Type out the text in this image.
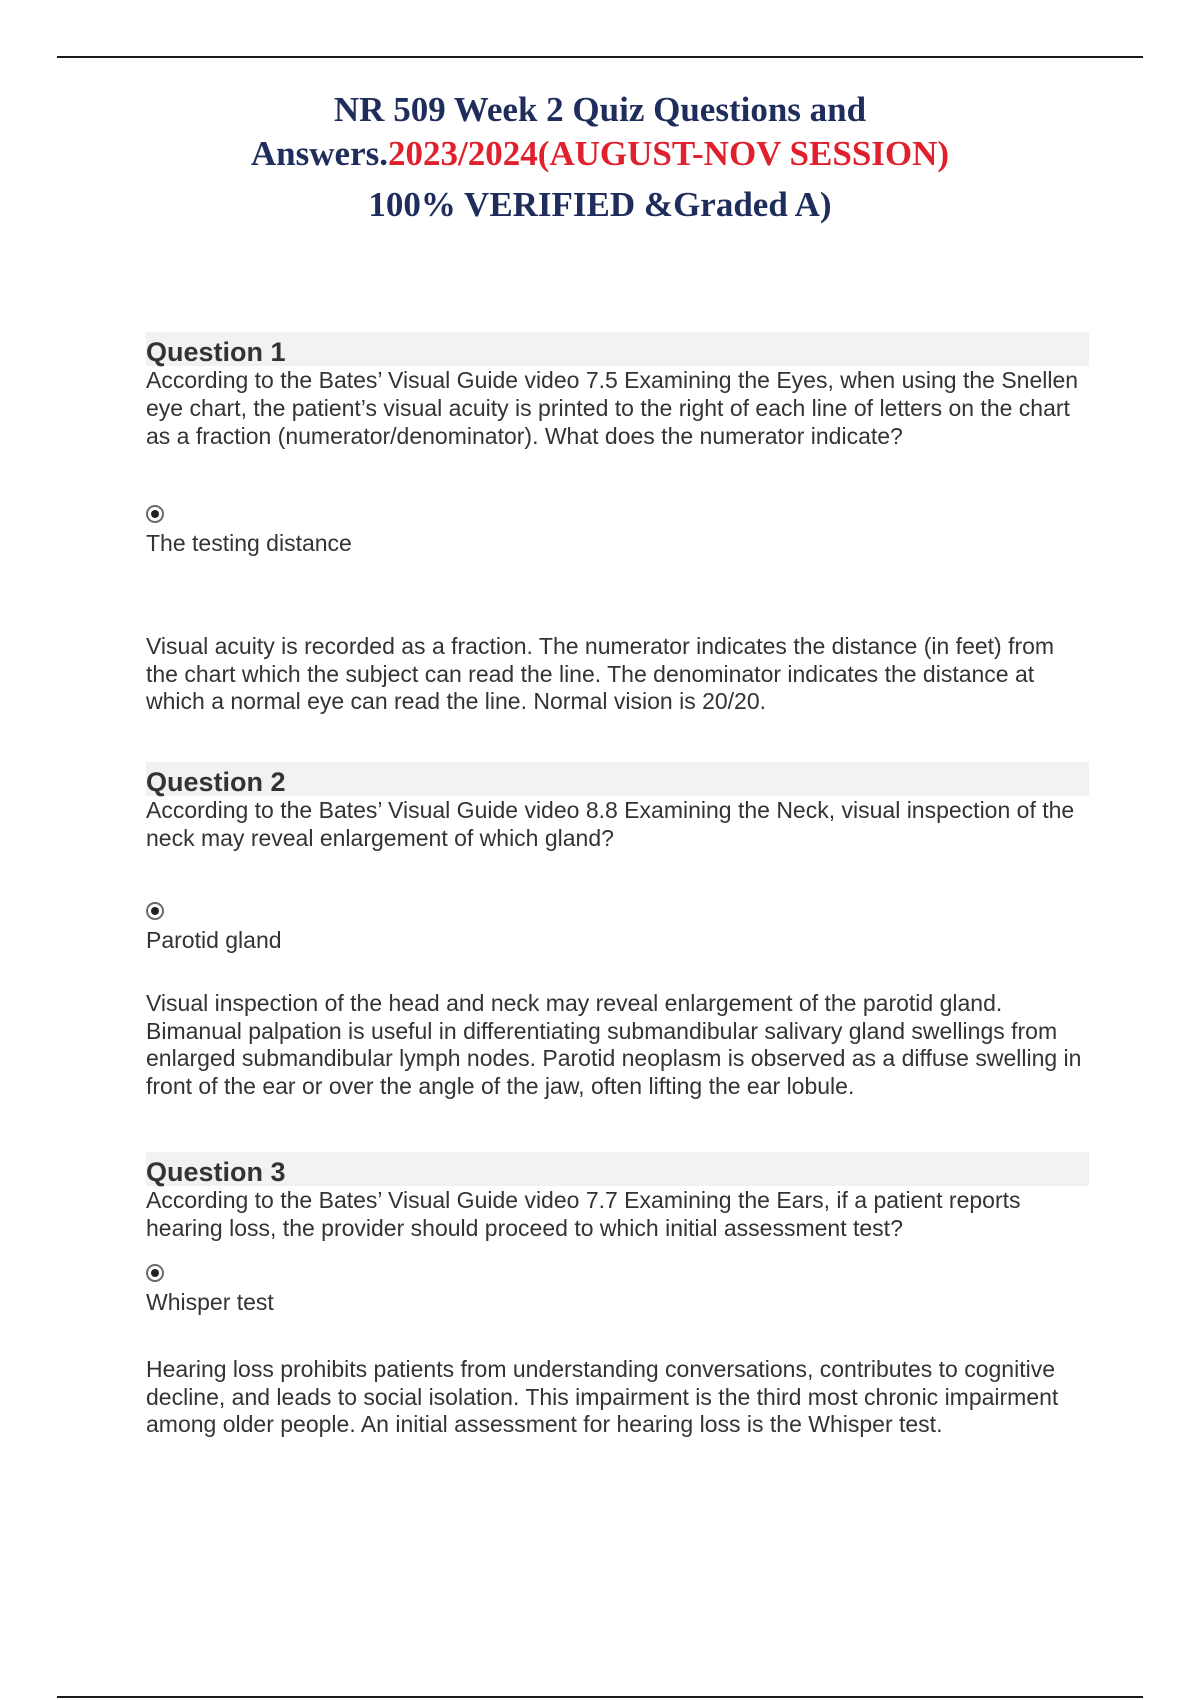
NR 509 Week 2 Quiz Questions and
Answers.2023/2024(AUGUST-NOV SESSION)
100% VERIFIED &Graded A)
Question 1
According to the Bates’ Visual Guide video 7.5 Examining the Eyes, when using the Snellen eye chart, the patient’s visual acuity is printed to the right of each line of letters on the chart as a fraction (numerator/denominator). What does the numerator indicate?
The testing distance
Visual acuity is recorded as a fraction. The numerator indicates the distance (in feet) from the chart which the subject can read the line. The denominator indicates the distance at which a normal eye can read the line. Normal vision is 20/20.
Question 2
According to the Bates’ Visual Guide video 8.8 Examining the Neck, visual inspection of the neck may reveal enlargement of which gland?
Parotid gland
Visual inspection of the head and neck may reveal enlargement of the parotid gland. Bimanual palpation is useful in differentiating submandibular salivary gland swellings from enlarged submandibular lymph nodes. Parotid neoplasm is observed as a diffuse swelling in front of the ear or over the angle of the jaw, often lifting the ear lobule.
Question 3
According to the Bates’ Visual Guide video 7.7 Examining the Ears, if a patient reports hearing loss, the provider should proceed to which initial assessment test?
Whisper test
Hearing loss prohibits patients from understanding conversations, contributes to cognitive decline, and leads to social isolation. This impairment is the third most chronic impairment among older people. An initial assessment for hearing loss is the Whisper test.
